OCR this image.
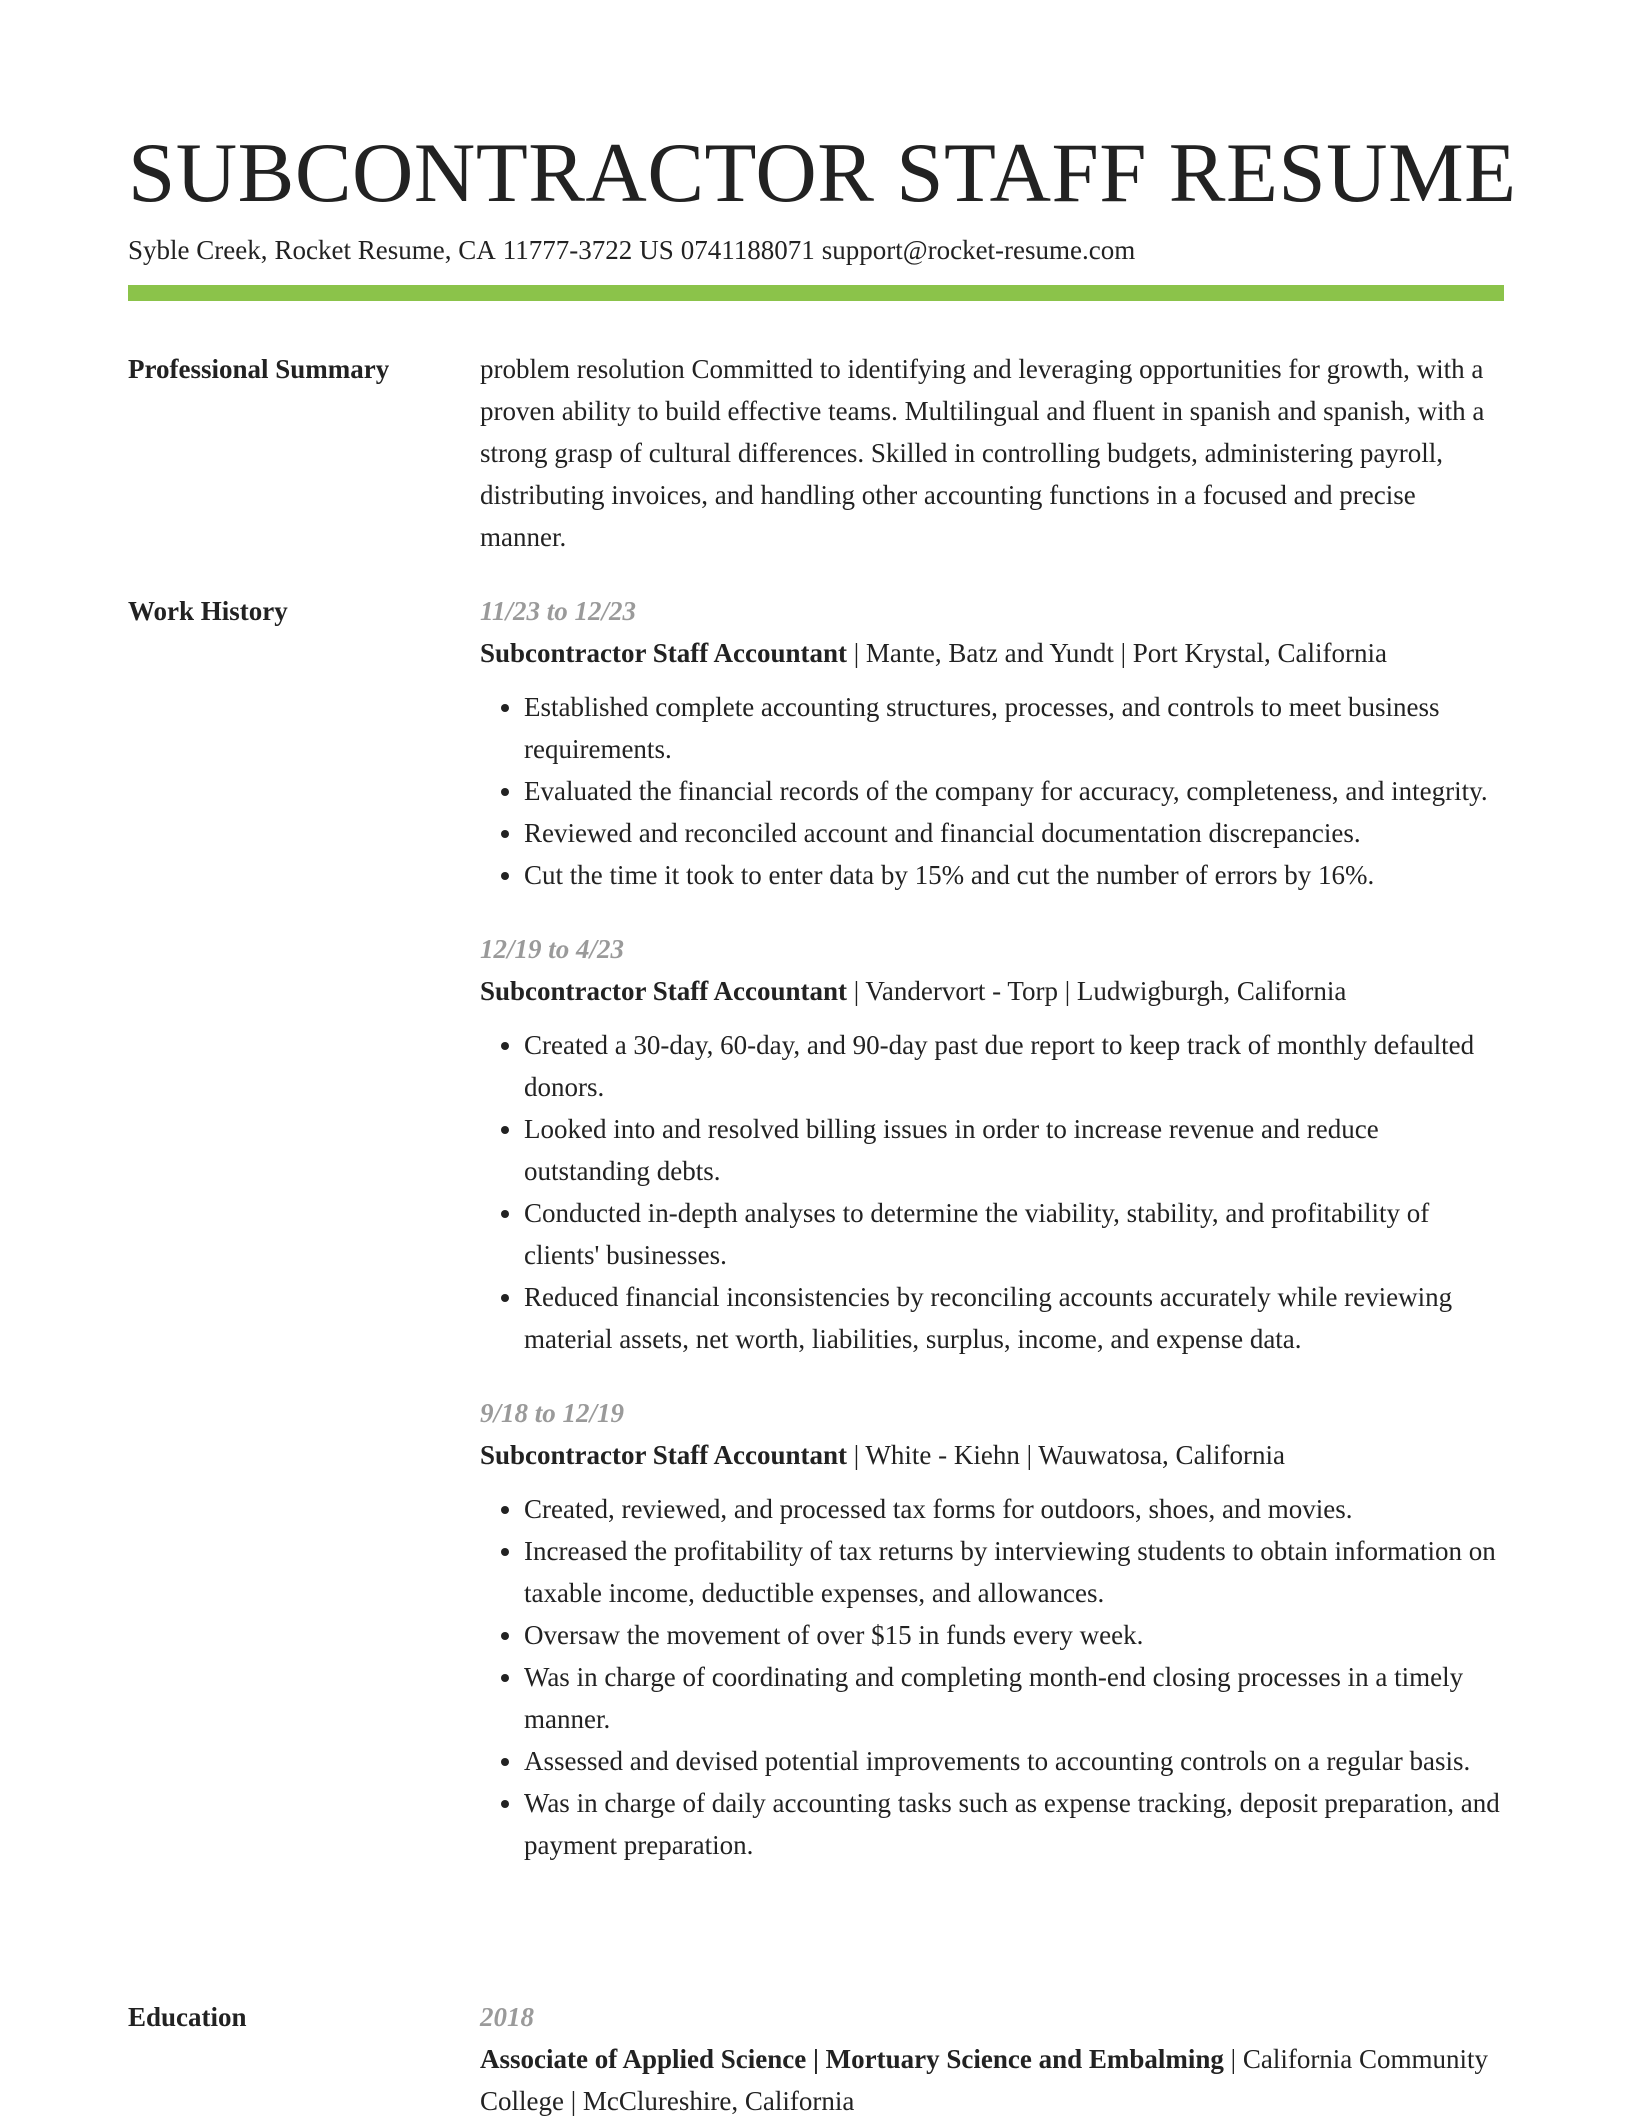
SUBCONTRACTOR STAFF RESUME
Syble Creek, Rocket Resume, CA 11777-3722 US 0741188071 support@rocket-resume.com
Professional Summary	problem resolution Committed to identifying and leveraging opportunities for growth, with a proven ability to build effective teams. Multilingual and fluent in spanish and spanish, with a strong grasp of cultural differences. Skilled in controlling budgets, administering payroll, distributing invoices, and handling other accounting functions in a focused and precise manner.

Work History	11/23 to 12/23
Subcontractor Staff Accountant | Mante, Batz and Yundt | Port Krystal, California
• Established complete accounting structures, processes, and controls to meet business requirements.
• Evaluated the financial records of the company for accuracy, completeness, and integrity.
• Reviewed and reconciled account and financial documentation discrepancies.
• Cut the time it took to enter data by 15% and cut the number of errors by 16%.
12/19 to 4/23
Subcontractor Staff Accountant | Vandervort - Torp | Ludwigburgh, California
• Created a 30-day, 60-day, and 90-day past due report to keep track of monthly defaulted donors.
• Looked into and resolved billing issues in order to increase revenue and reduce outstanding debts.
• Conducted in-depth analyses to determine the viability, stability, and profitability of clients' businesses.
• Reduced financial inconsistencies by reconciling accounts accurately while reviewing material assets, net worth, liabilities, surplus, income, and expense data.
9/18 to 12/19
Subcontractor Staff Accountant | White - Kiehn | Wauwatosa, California
• Created, reviewed, and processed tax forms for outdoors, shoes, and movies.
• Increased the profitability of tax returns by interviewing students to obtain information on taxable income, deductible expenses, and allowances.
• Oversaw the movement of over $15 in funds every week.
• Was in charge of coordinating and completing month-end closing processes in a timely manner.
• Assessed and devised potential improvements to accounting controls on a regular basis.
• Was in charge of daily accounting tasks such as expense tracking, deposit preparation, and payment preparation.
Education	2018
Associate of Applied Science | Mortuary Science and Embalming | California Community College | McClureshire, California
